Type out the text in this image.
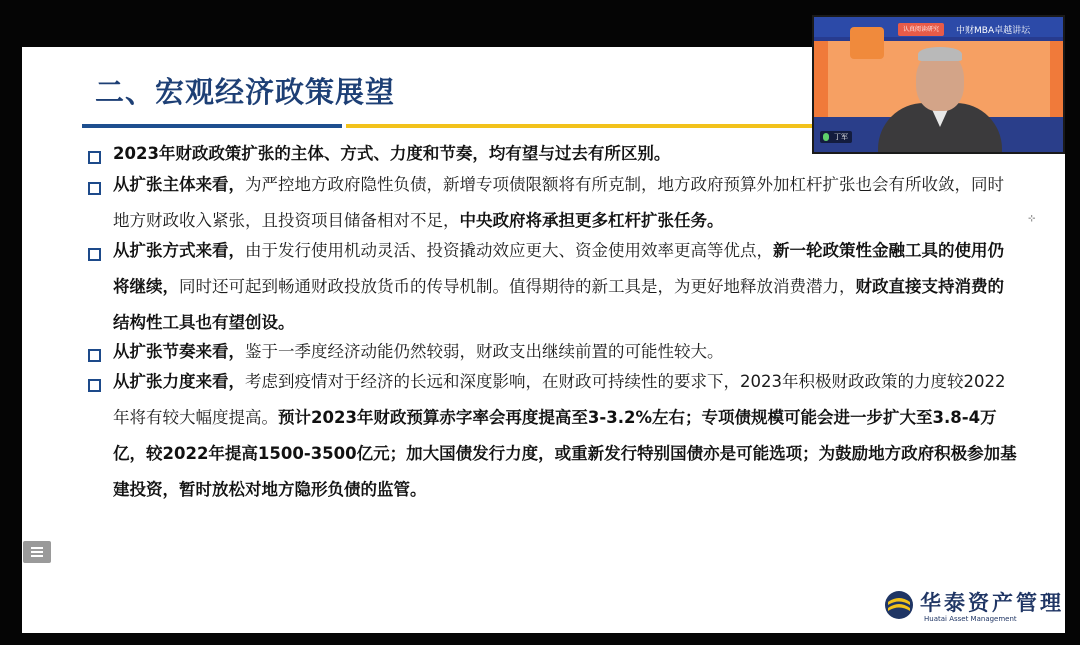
二、宏观经济政策展望
2023年财政政策扩张的主体、方式、力度和节奏，均有望与过去有所区别。
从扩张主体来看，为严控地方政府隐性负债，新增专项债限额将有所克制，地方政府预算外加杠杆扩张也会有所收敛，同时地方财政收入紧张，且投资项目储备相对不足，中央政府将承担更多杠杆扩张任务。
从扩张方式来看，由于发行使用机动灵活、投资撬动效应更大、资金使用效率更高等优点，新一轮政策性金融工具的使用仍将继续，同时还可起到畅通财政投放货币的传导机制。值得期待的新工具是，为更好地释放消费潜力，财政直接支持消费的结构性工具也有望创设。
从扩张节奏来看，鉴于一季度经济动能仍然较弱，财政支出继续前置的可能性较大。
从扩张力度来看，考虑到疫情对于经济的长远和深度影响，在财政可持续性的要求下，2023年积极财政政策的力度较2022年将有较大幅度提高。预计2023年财政预算赤字率会再度提高至3-3.2%左右；专项债规模可能会进一步扩大至3.8-4万亿，较2022年提高1500-3500亿元；加大国债发行力度，或重新发行特别国债亦是可能选项；为鼓励地方政府积极参加基建投资，暂时放松对地方隐形负债的监管。
⊹
华泰资产管理
Huatai Asset Management
认真阅读研究	中财MBA卓越讲坛
丁军
